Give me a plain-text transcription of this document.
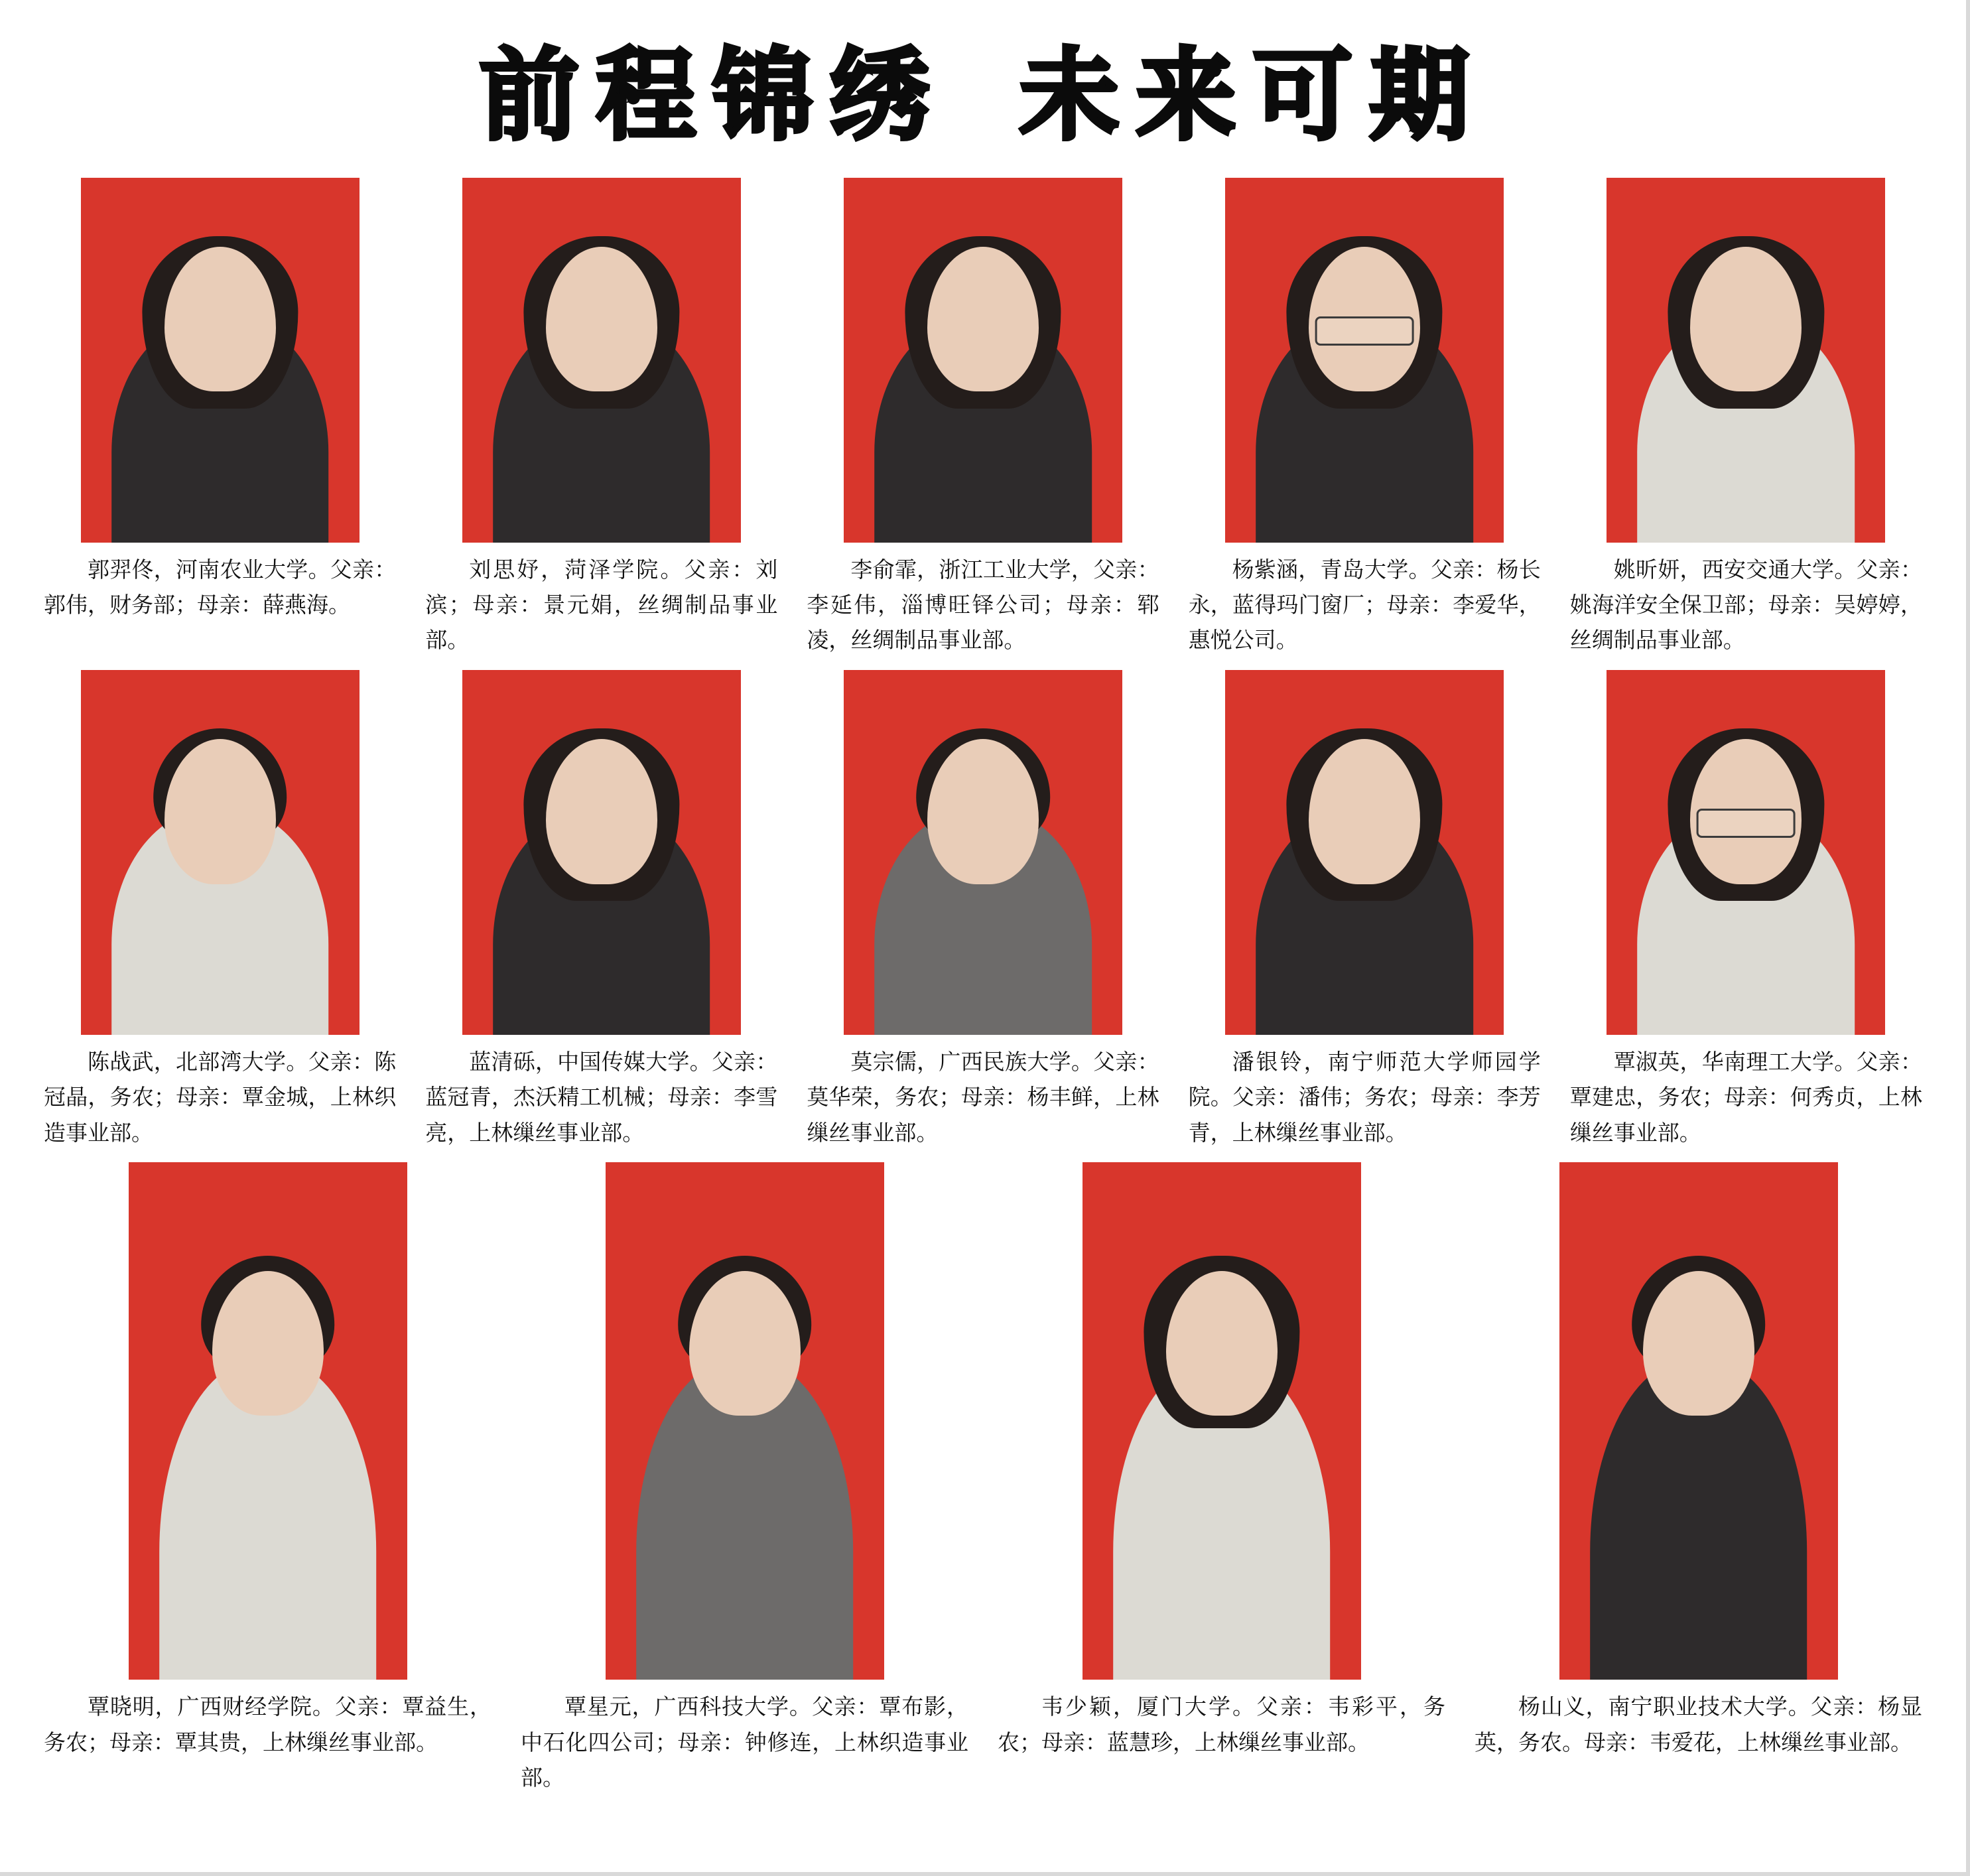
前程锦绣 未来可期
郭羿佟，河南农业大学。父亲：郭伟，财务部；母亲：薛燕海。
刘思妤，菏泽学院。父亲：刘滨；母亲：景元娟，丝绸制品事业部。
李俞霏，浙江工业大学，父亲：李延伟，淄博旺铎公司；母亲：郓凌，丝绸制品事业部。
杨紫涵，青岛大学。父亲：杨长永，蓝得玛门窗厂；母亲：李爱华，惠悦公司。
姚昕妍，西安交通大学。父亲：姚海洋安全保卫部；母亲：吴婷婷，丝绸制品事业部。
陈战武，北部湾大学。父亲：陈冠晶，务农；母亲：覃金城，上林织造事业部。
蓝清砾，中国传媒大学。父亲：蓝冠青，杰沃精工机械；母亲：李雪亮，上林缫丝事业部。
莫宗儒，广西民族大学。父亲：莫华荣，务农；母亲：杨丰鲜，上林缫丝事业部。
潘银铃，南宁师范大学师园学院。父亲：潘伟；务农；母亲：李芳青，上林缫丝事业部。
覃淑英，华南理工大学。父亲：覃建忠，务农；母亲：何秀贞，上林缫丝事业部。
覃晓明，广西财经学院。父亲：覃益生，务农；母亲：覃其贵，上林缫丝事业部。
覃星元，广西科技大学。父亲：覃布影，中石化四公司；母亲：钟修连，上林织造事业部。
韦少颖，厦门大学。父亲：韦彩平，务农；母亲：蓝慧珍，上林缫丝事业部。
杨山义，南宁职业技术大学。父亲：杨显英，务农。母亲：韦爱花，上林缫丝事业部。
